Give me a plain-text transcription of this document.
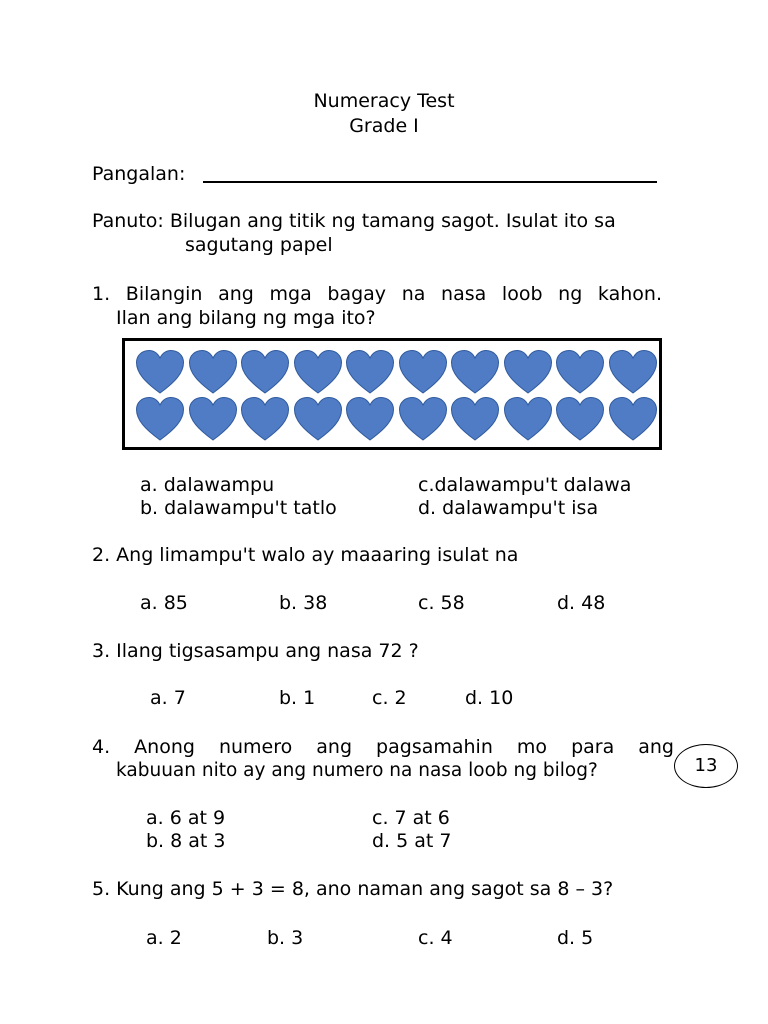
Numeracy Test
Grade I
Pangalan:
Panuto: Bilugan ang titik ng tamang sagot. Isulat ito sa
sagutang papel
1. Bilangin ang mga bagay na nasa loob ng kahon.
Ilan ang bilang ng mga ito?
a. dalawampu	c.dalawampu't dalawa
b. dalawampu't tatlo	d. dalawampu't isa
2. Ang limampu't walo ay maaaring isulat na
a. 85	b. 38	c. 58	d. 48
3. Ilang tigsasampu ang nasa 72 ?
a. 7	b. 1	c. 2	d. 10
4. Anong numero ang pagsamahin mo para ang
kabuuan nito ay ang numero na nasa loob ng bilog?	13
a. 6 at 9	c. 7 at 6
b. 8 at 3	d. 5 at 7
5. Kung ang 5 + 3 = 8, ano naman ang sagot sa 8 – 3?
a. 2	b. 3	c. 4	d. 5
